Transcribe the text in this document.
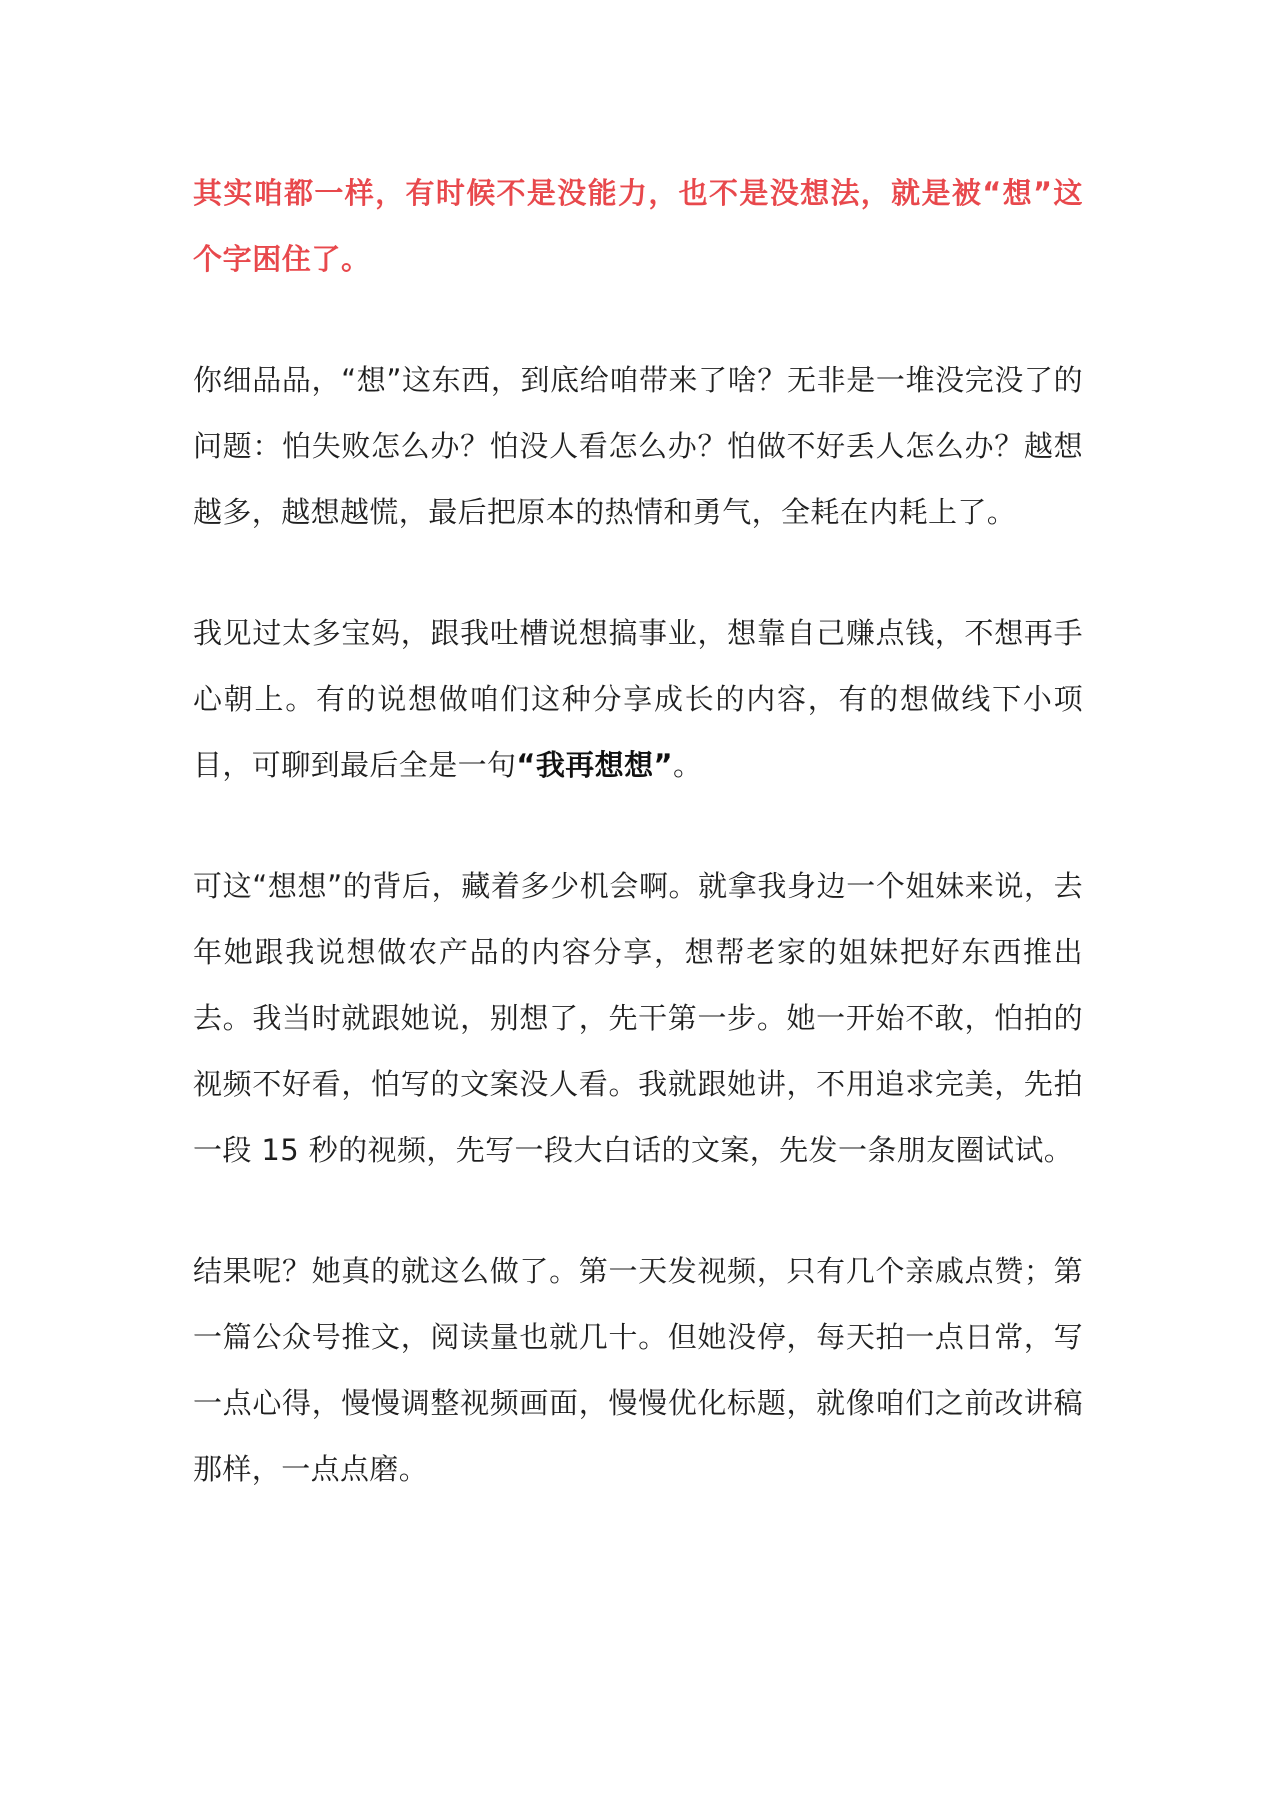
其实咱都一样，有时候不是没能力，也不是没想法，就是被“想”这个字困住了。

你细品品，“想”这东西，到底给咱带来了啥？无非是一堆没完没了的问题：怕失败怎么办？怕没人看怎么办？怕做不好丢人怎么办？越想越多，越想越慌，最后把原本的热情和勇气，全耗在内耗上了。

我见过太多宝妈，跟我吐槽说想搞事业，想靠自己赚点钱，不想再手心朝上。有的说想做咱们这种分享成长的内容，有的想做线下小项目，可聊到最后全是一句“我再想想”。

可这“想想”的背后，藏着多少机会啊。就拿我身边一个姐妹来说，去年她跟我说想做农产品的内容分享，想帮老家的姐妹把好东西推出去。我当时就跟她说，别想了，先干第一步。她一开始不敢，怕拍的视频不好看，怕写的文案没人看。我就跟她讲，不用追求完美，先拍一段 15 秒的视频，先写一段大白话的文案，先发一条朋友圈试试。

结果呢？她真的就这么做了。第一天发视频，只有几个亲戚点赞；第一篇公众号推文，阅读量也就几十。但她没停，每天拍一点日常，写一点心得，慢慢调整视频画面，慢慢优化标题，就像咱们之前改讲稿那样，一点点磨。
